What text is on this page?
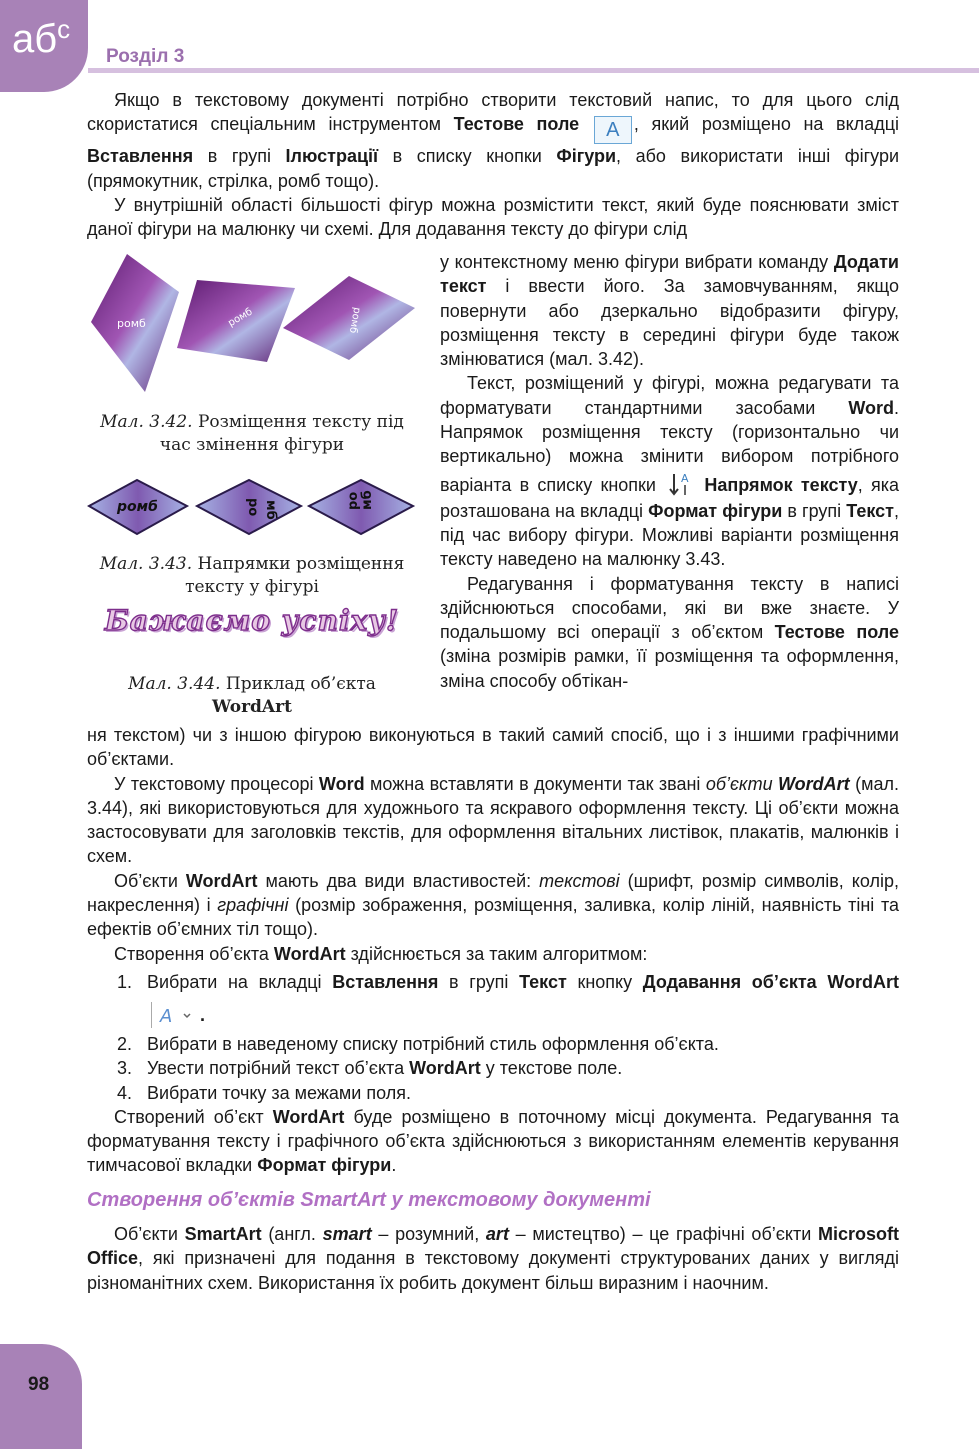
$аб^с$
Розділ 3

Якщо в текстовому документі потрібно створити текстовий напис, то для цього слід скористатися спеціальним інструментом Тестове поле A , який розміщено на вкладці Вставлення в групі Ілюстрації в списку кнопки Фігури, або використати інші фігури (прямокутник, стрілка, ромб тощо).

У внутрішній області більшості фігур можна розмістити текст, який буде пояснювати зміст даної фігури на малюнку чи схемі. Для додавання тексту до фігури слід

ромб	ромб	ромб
Мал. 3.42. Розміщення тексту під час змінення фігури
ромб	ро мб	ро мб
Мал. 3.43. Напрямки розміщення тексту у фігурі
Бажаємо успіху!
Мал. 3.44. Приклад об’єкта
WordArt

у контекстному меню фігури вибрати команду Додати текст і ввести його. За замовчуванням, якщо повернути або дзеркально відобразити фігуру, розміщення тексту в середині фігури буде також змінюватися (мал. 3.42).

Текст, розміщений у фігурі, можна редагувати та форматувати стандартними засобами Word. Напрямок розміщення тексту (горизонтально чи вертикально) можна змінити вибором потрібного варіанта в списку кнопки A Напрямок тексту, яка розташована на вкладці Формат фігури в групі Текст, під час вибору фігури. Можливі варіанти розміщення тексту наведено на малюнку 3.43.

Редагування і форматування тексту в написі здійснюються способами, які ви вже знаєте. У подальшому всі операції з об’єктом Тестове поле (зміна розмірів рамки, її розміщення та оформлення, зміна способу обтікан-

ня текстом) чи з іншою фігурою виконуються в такий самий спосіб, що і з іншими графічними об’єктами.

У текстовому процесорі Word можна вставляти в документи так звані об’єкти WordArt (мал. 3.44), які використовуються для художнього та яскравого оформлення тексту. Ці об’єкти можна застосовувати для заголовків текстів, для оформлення вітальних листівок, плакатів, малюнків і схем.

Об’єкти WordArt мають два види властивостей: текстові (шрифт, розмір символів, колір, накреслення) і графічні (розмір зображення, розміщення, заливка, колір ліній, наявність тіні та ефектів об’ємних тіл тощо).

Створення об’єкта WordArt здійснюється за таким алгоритмом:

1. Вибрати на вкладці Вставлення в групі Текст кнопку Додавання об’єкта WordArt
A .
2. Вибрати в наведеному списку потрібний стиль оформлення об’єкта.
3. Увести потрібний текст об’єкта WordArt у текстове поле.
4. Вибрати точку за межами поля.

Створений об’єкт WordArt буде розміщено в поточному місці документа. Редагування та форматування тексту і графічного об’єкта здійснюються з використанням елементів керування тимчасової вкладки Формат фігури.

Створення об’єктів SmartArt у текстовому документі

Об’єкти SmartArt (англ. smart – розумний, art – мистецтво) – це графічні об’єкти Microsoft Office, які призначені для подання в текстовому документі структурованих даних у вигляді різноманітних схем. Використання їх робить документ більш виразним і наочним.

98
